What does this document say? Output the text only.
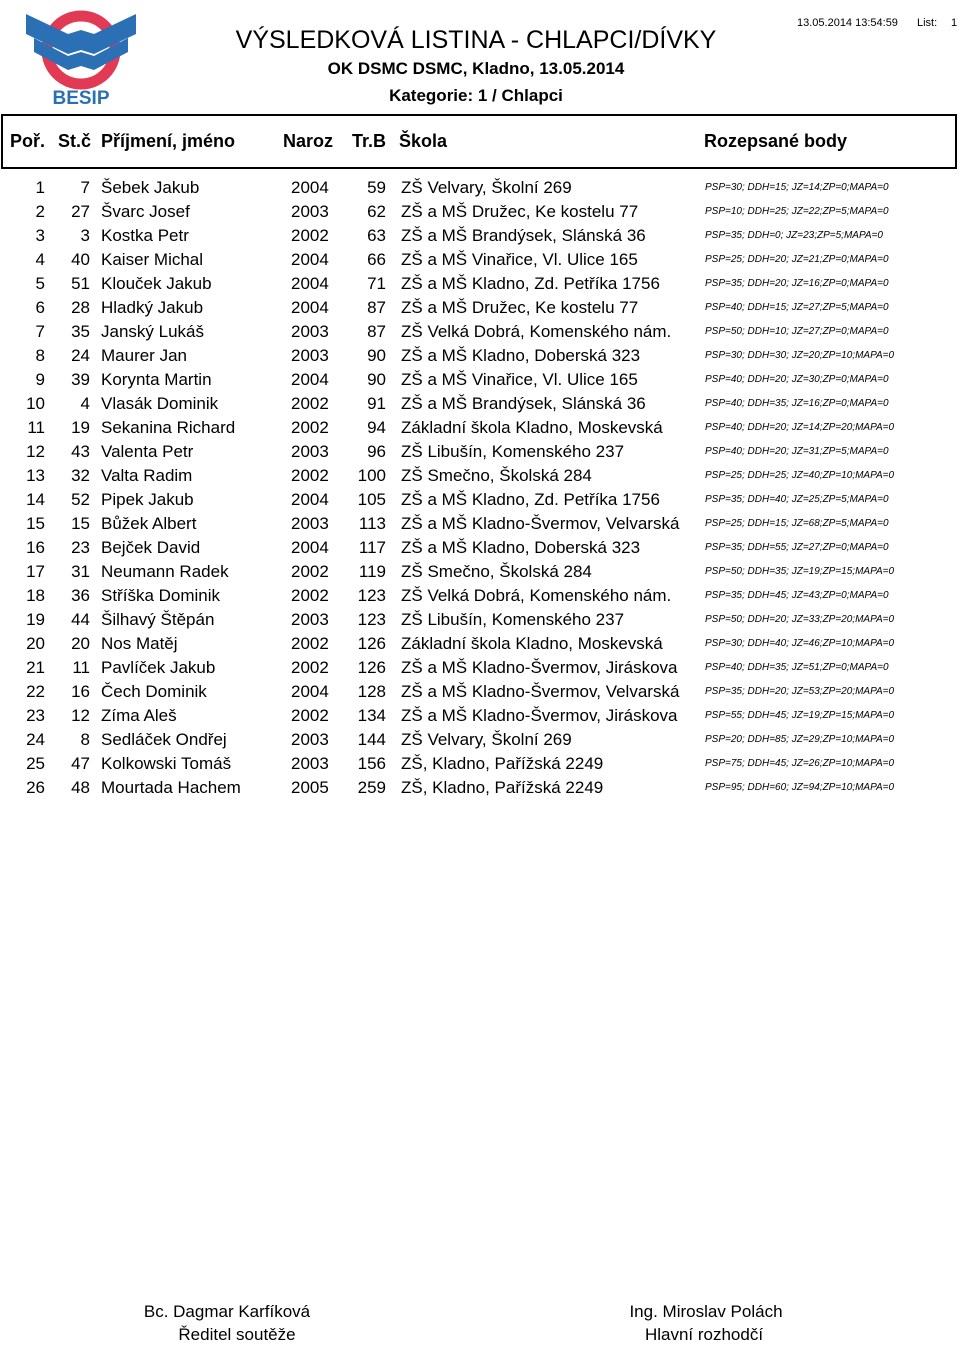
BESIP
VÝSLEDKOVÁ LISTINA - CHLAPCI/DÍVKY
OK DSMC DSMC, Kladno, 13.05.2014
Kategorie: 1 / Chlapci
13.05.2014 13:54:59 List: 1
Poř. St.č Příjmení, jméno	Naroz Tr.B Škola	Rozepsané body
1	7 Šebek Jakub	2004	59 ZŠ Velvary, Školní 269	PSP=30; DDH=15; JZ=14;ZP=0;MAPA=0
2	27 Švarc Josef	2003	62 ZŠ a MŠ Družec, Ke kostelu 77	PSP=10; DDH=25; JZ=22;ZP=5;MAPA=0
3	3 Kostka Petr	2002	63 ZŠ a MŠ Brandýsek, Slánská 36	PSP=35; DDH=0; JZ=23;ZP=5;MAPA=0
4	40 Kaiser Michal	2004	66 ZŠ a MŠ Vinařice, Vl. Ulice 165	PSP=25; DDH=20; JZ=21;ZP=0;MAPA=0
5	51 Klouček Jakub	2004	71 ZŠ a MŠ Kladno, Zd. Petříka 1756	PSP=35; DDH=20; JZ=16;ZP=0;MAPA=0
6	28 Hladký Jakub	2004	87 ZŠ a MŠ Družec, Ke kostelu 77	PSP=40; DDH=15; JZ=27;ZP=5;MAPA=0
7	35 Janský Lukáš	2003	87 ZŠ Velká Dobrá, Komenského nám.	PSP=50; DDH=10; JZ=27;ZP=0;MAPA=0
8	24 Maurer Jan	2003	90 ZŠ a MŠ Kladno, Doberská 323	PSP=30; DDH=30; JZ=20;ZP=10;MAPA=0
9	39 Korynta Martin	2004	90 ZŠ a MŠ Vinařice, Vl. Ulice 165	PSP=40; DDH=20; JZ=30;ZP=0;MAPA=0
10	4 Vlasák Dominik	2002	91 ZŠ a MŠ Brandýsek, Slánská 36	PSP=40; DDH=35; JZ=16;ZP=0;MAPA=0
11	19 Sekanina Richard	2002	94 Základní škola Kladno, Moskevská	PSP=40; DDH=20; JZ=14;ZP=20;MAPA=0
12	43 Valenta Petr	2003	96 ZŠ Libušín, Komenského 237	PSP=40; DDH=20; JZ=31;ZP=5;MAPA=0
13	32 Valta Radim	2002	100 ZŠ Smečno, Školská 284	PSP=25; DDH=25; JZ=40;ZP=10;MAPA=0
14	52 Pipek Jakub	2004	105 ZŠ a MŠ Kladno, Zd. Petříka 1756	PSP=35; DDH=40; JZ=25;ZP=5;MAPA=0
15	15 Bůžek Albert	2003	113 ZŠ a MŠ Kladno-Švermov, Velvarská	PSP=25; DDH=15; JZ=68;ZP=5;MAPA=0
16	23 Bejček David	2004	117 ZŠ a MŠ Kladno, Doberská 323	PSP=35; DDH=55; JZ=27;ZP=0;MAPA=0
17	31 Neumann Radek	2002	119 ZŠ Smečno, Školská 284	PSP=50; DDH=35; JZ=19;ZP=15;MAPA=0
18	36 Stříška Dominik	2002	123 ZŠ Velká Dobrá, Komenského nám.	PSP=35; DDH=45; JZ=43;ZP=0;MAPA=0
19	44 Šilhavý Štěpán	2003	123 ZŠ Libušín, Komenského 237	PSP=50; DDH=20; JZ=33;ZP=20;MAPA=0
20	20 Nos Matěj	2002	126 Základní škola Kladno, Moskevská	PSP=30; DDH=40; JZ=46;ZP=10;MAPA=0
21	11 Pavlíček Jakub	2002	126 ZŠ a MŠ Kladno-Švermov, Jiráskova	PSP=40; DDH=35; JZ=51;ZP=0;MAPA=0
22	16 Čech Dominik	2004	128 ZŠ a MŠ Kladno-Švermov, Velvarská	PSP=35; DDH=20; JZ=53;ZP=20;MAPA=0
23	12 Zíma Aleš	2002	134 ZŠ a MŠ Kladno-Švermov, Jiráskova	PSP=55; DDH=45; JZ=19;ZP=15;MAPA=0
24	8 Sedláček Ondřej	2003	144 ZŠ Velvary, Školní 269	PSP=20; DDH=85; JZ=29;ZP=10;MAPA=0
25	47 Kolkowski Tomáš	2003	156 ZŠ, Kladno, Pařížská 2249	PSP=75; DDH=45; JZ=26;ZP=10;MAPA=0
26	48 Mourtada Hachem	2005	259 ZŠ, Kladno, Pařížská 2249	PSP=95; DDH=60; JZ=94;ZP=10;MAPA=0
Bc. Dagmar Karfíková
Ředitel soutěže
Ing. Miroslav Polách
Hlavní rozhodčí
